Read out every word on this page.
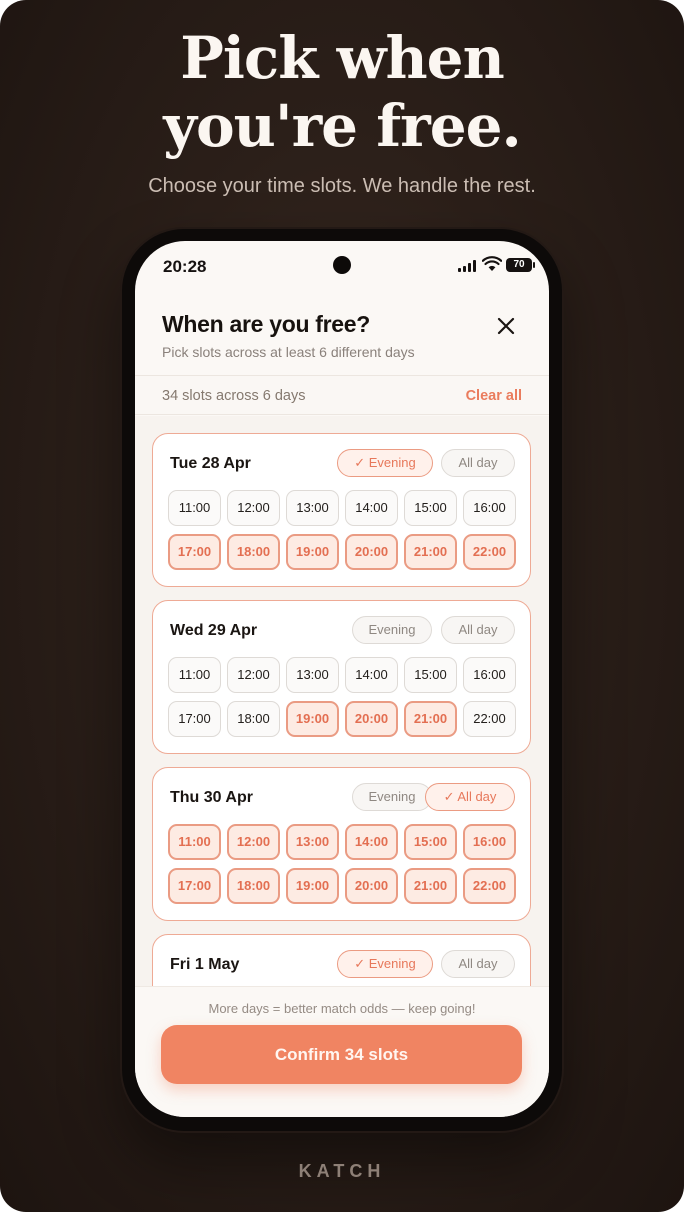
Pick when
you're free.
Choose your time slots. We handle the rest.
20:28	70
When are you free?
Pick slots across at least 6 different days
34 slots across 6 days	Clear all
Tue 28 Apr	✓ Evening	All day
11:00	12:00	13:00	14:00	15:00	16:00
17:00	18:00	19:00	20:00	21:00	22:00
Wed 29 Apr	Evening	All day
11:00	12:00	13:00	14:00	15:00	16:00
17:00	18:00	19:00	20:00	21:00	22:00
Thu 30 Apr	Evening	✓ All day
11:00	12:00	13:00	14:00	15:00	16:00
17:00	18:00	19:00	20:00	21:00	22:00
Fri 1 May	✓ Evening	All day
More days = better match odds — keep going!
Confirm 34 slots
KATCH
